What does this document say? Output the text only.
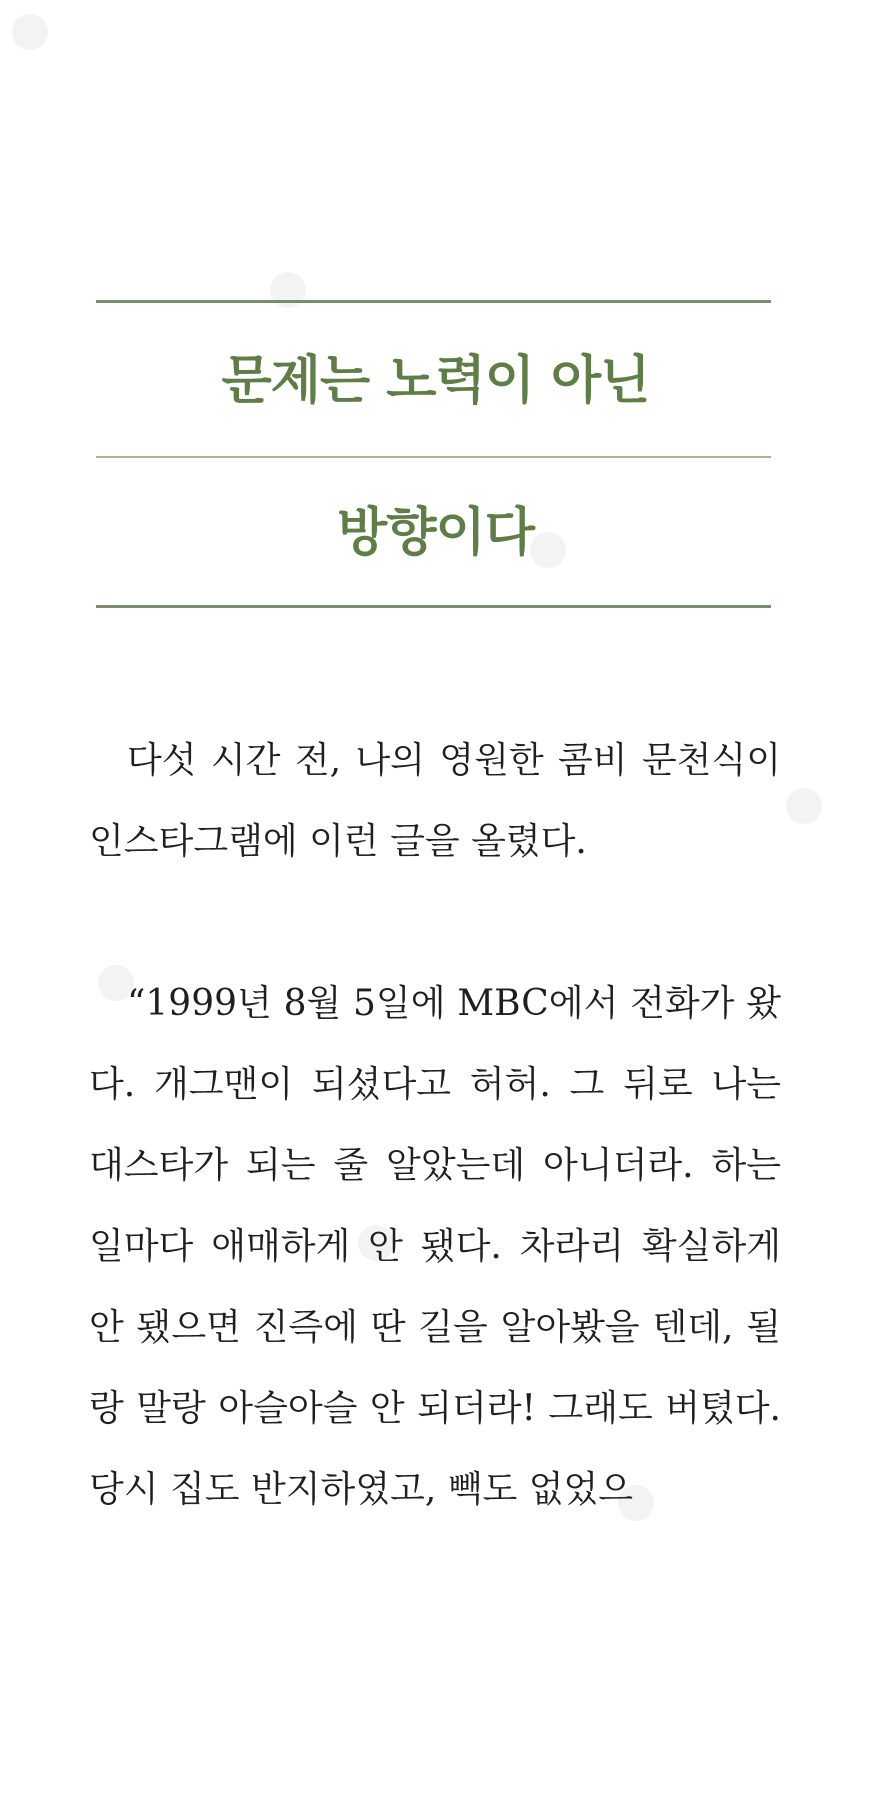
문제는 노력이 아닌
방향이다

다섯 시간 전, 나의 영원한 콤비 문천식이 인스타그램에 이런 글을 올렸다.

“1999년 8월 5일에 MBC에서 전화가 왔다. 개그맨이 되셨다고 허허. 그 뒤로 나는 대스타가 되는 줄 알았는데 아니더라. 하는 일마다 애매하게 안 됐다. 차라리 확실하게 안 됐으면 진즉에 딴 길을 알아봤을 텐데, 될랑 말랑 아슬아슬 안 되더라! 그래도 버텼다. 당시 집도 반지하였고, 빽도 없었으
